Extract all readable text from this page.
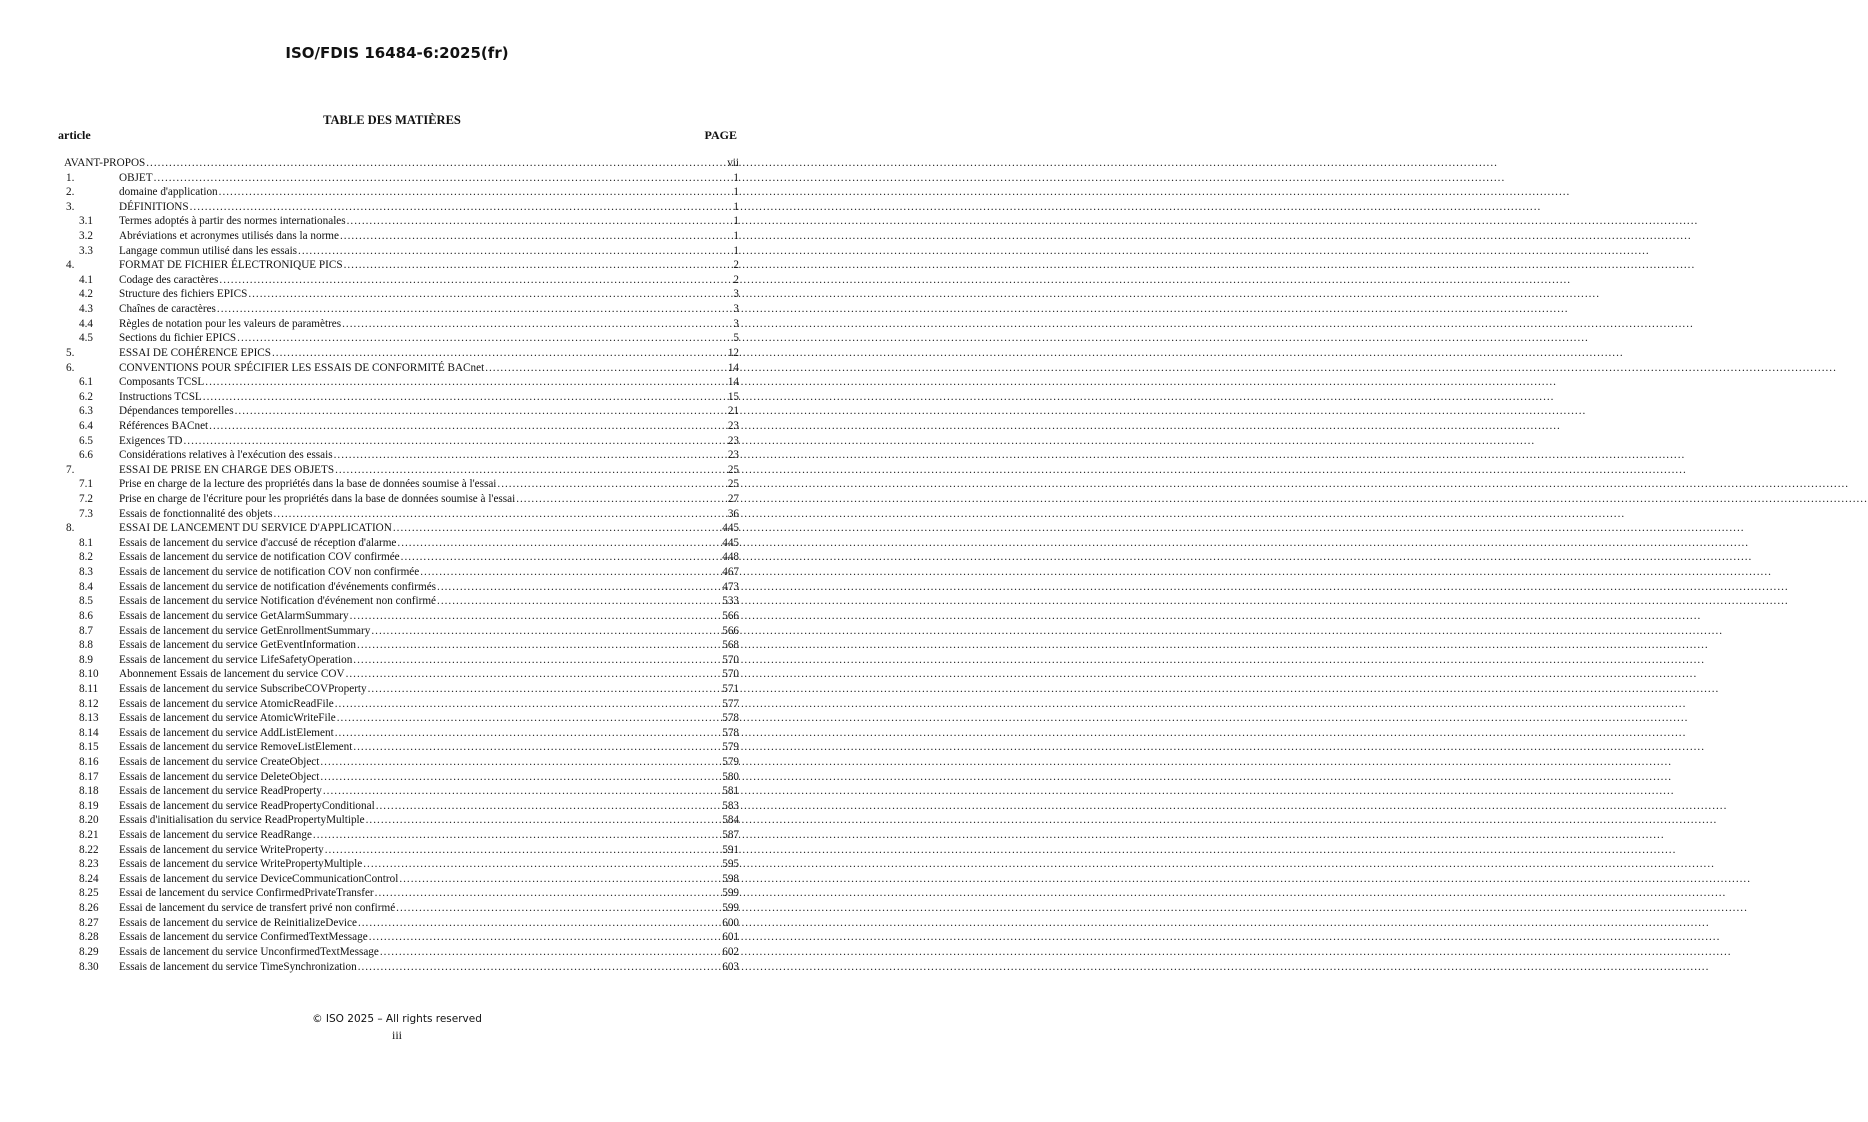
ISO/FDIS 16484-6:2025(fr)
TABLE DES MATIÈRES
article	PAGE
AVANT-PROPOS .....	vii
1.	OBJET .....	1
2.	domaine d'application .....	1
3.	DÉFINITIONS .....	1
3.1	Termes adoptés à partir des normes internationales .....	1
3.2	Abréviations et acronymes utilisés dans la norme .....	1
3.3	Langage commun utilisé dans les essais .....	1
4.	FORMAT DE FICHIER ÉLECTRONIQUE PICS .....	2
4.1	Codage des caractères .....	2
4.2	Structure des fichiers EPICS .....	3
4.3	Chaînes de caractères .....	3
4.4	Règles de notation pour les valeurs de paramètres .....	3
4.5	Sections du fichier EPICS .....	5
5.	ESSAI DE COHÉRENCE EPICS .....	12
6.	CONVENTIONS POUR SPÉCIFIER LES ESSAIS DE CONFORMITÉ BACnet .....	14
6.1	Composants TCSL .....	14
6.2	Instructions TCSL .....	15
6.3	Dépendances temporelles .....	21
6.4	Références BACnet .....	23
6.5	Exigences TD .....	23
6.6	Considérations relatives à l'exécution des essais .....	23
7.	ESSAI DE PRISE EN CHARGE DES OBJETS .....	25
7.1	Prise en charge de la lecture des propriétés dans la base de données soumise à l'essai .....	25
7.2	Prise en charge de l'écriture pour les propriétés dans la base de données soumise à l'essai .....	27
7.3	Essais de fonctionnalité des objets .....	36
8.	ESSAI DE LANCEMENT DU SERVICE D'APPLICATION .....	445
8.1	Essais de lancement du service d'accusé de réception d'alarme .....	445
8.2	Essais de lancement du service de notification COV confirmée .....	448
8.3	Essais de lancement du service de notification COV non confirmée .....	467
8.4	Essais de lancement du service de notification d'événements confirmés .....	473
8.5	Essais de lancement du service Notification d'événement non confirmé .....	533
8.6	Essais de lancement du service GetAlarmSummary .....	566
8.7	Essais de lancement du service GetEnrollmentSummary .....	566
8.8	Essais de lancement du service GetEventInformation .....	568
8.9	Essais de lancement du service LifeSafetyOperation .....	570
8.10	Abonnement Essais de lancement du service COV .....	570
8.11	Essais de lancement du service SubscribeCOVProperty .....	571
8.12	Essais de lancement du service AtomicReadFile .....	577
8.13	Essais de lancement du service AtomicWriteFile .....	578
8.14	Essais de lancement du service AddListElement .....	578
8.15	Essais de lancement du service RemoveListElement .....	579
8.16	Essais de lancement du service CreateObject .....	579
8.17	Essais de lancement du service DeleteObject .....	580
8.18	Essais de lancement du service ReadProperty .....	581
8.19	Essais de lancement du service ReadPropertyConditional .....	583
8.20	Essais d'initialisation du service ReadPropertyMultiple .....	584
8.21	Essais de lancement du service ReadRange .....	587
8.22	Essais de lancement du service WriteProperty .....	591
8.23	Essais de lancement du service WritePropertyMultiple .....	595
8.24	Essais de lancement du service DeviceCommunicationControl .....	598
8.25	Essai de lancement du service ConfirmedPrivateTransfer .....	599
8.26	Essai de lancement du service de transfert privé non confirmé .....	599
8.27	Essais de lancement du service de ReinitializeDevice .....	600
8.28	Essais de lancement du service ConfirmedTextMessage .....	601
8.29	Essais de lancement du service UnconfirmedTextMessage .....	602
8.30	Essais de lancement du service TimeSynchronization .....	603
© ISO 2025 – All rights reserved
iii
